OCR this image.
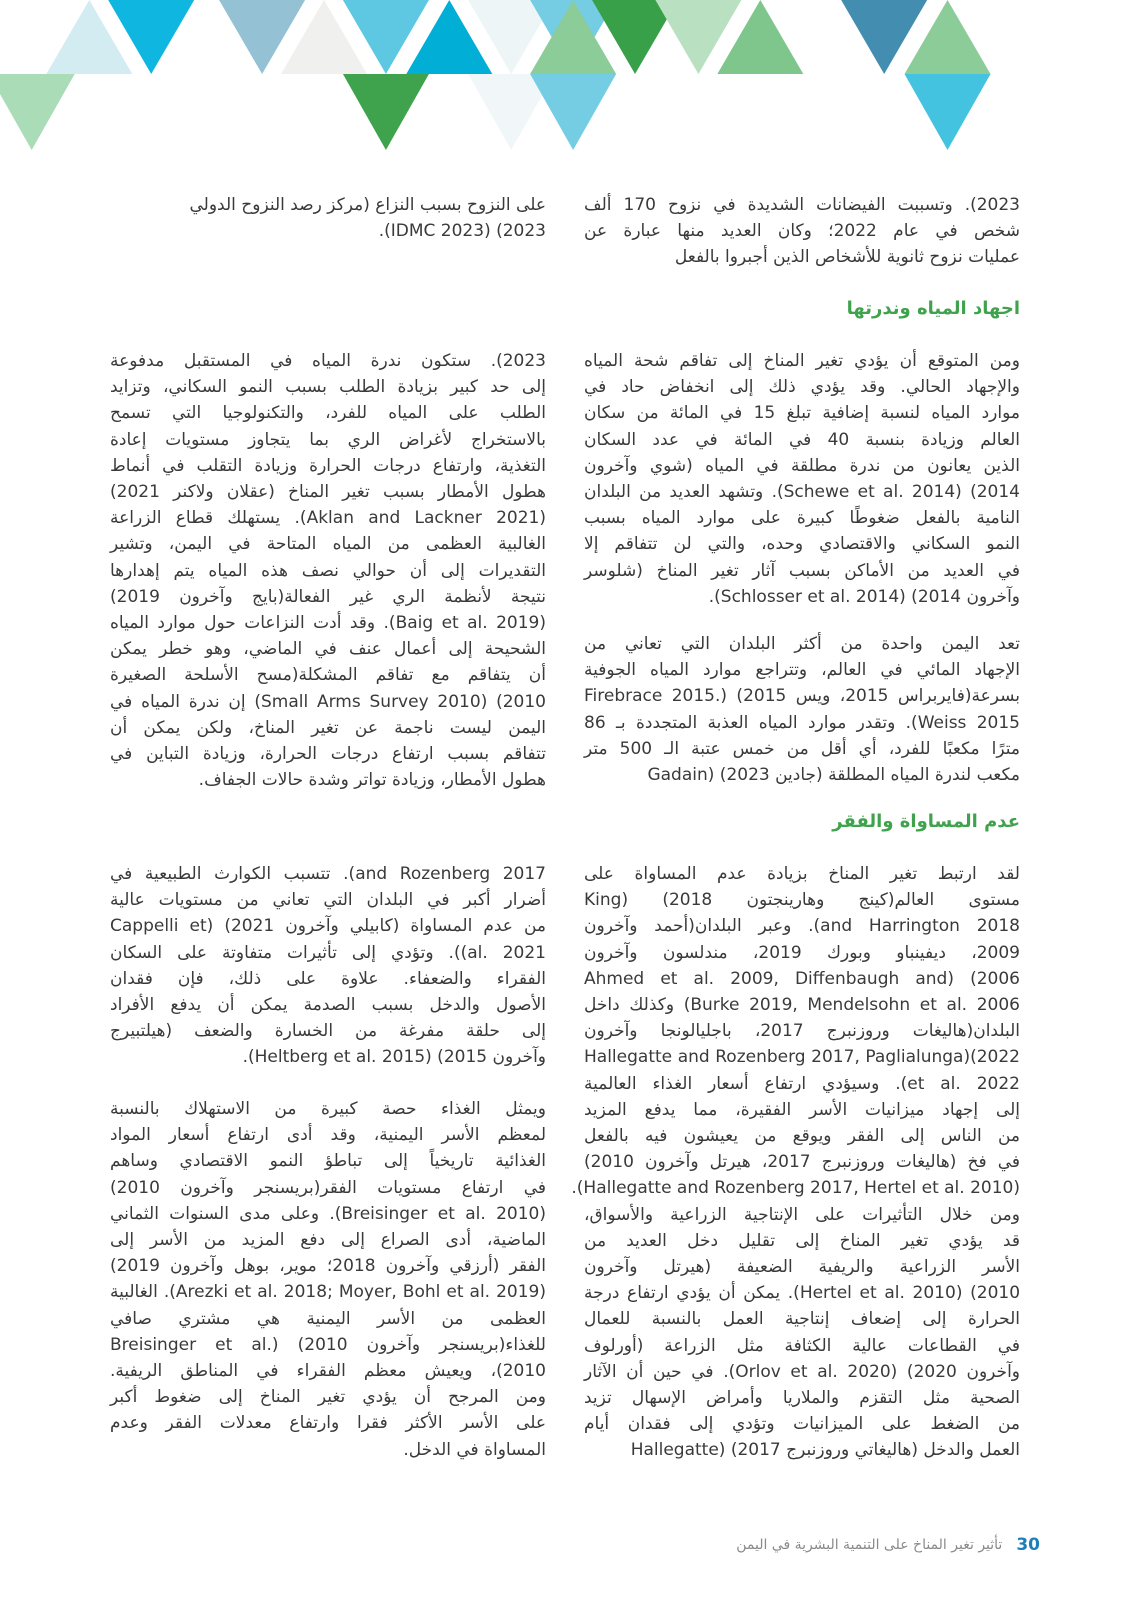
2023). وتسببت الفيضانات الشديدة في نزوح 170 ألف
شخص في عام 2022؛ وكان العديد منها عبارة عن
عمليات نزوح ثانوية للأشخاص الذين أجبروا بالفعل
على النزوح بسبب النزاع (مركز رصد النزوح الدولي
2023) (IDMC 2023).
اجهاد المياه وندرتها
ومن المتوقع أن يؤدي تغير المناخ إلى تفاقم شحة المياه
والإجهاد الحالي. وقد يؤدي ذلك إلى انخفاض حاد في
موارد المياه لنسبة إضافية تبلغ 15 في المائة من سكان
العالم وزيادة بنسبة 40 في المائة في عدد السكان
الذين يعانون من ندرة مطلقة في المياه (شوي وآخرون
2014) (Schewe et al. 2014). وتشهد العديد من البلدان
النامية بالفعل ضغوطًا كبيرة على موارد المياه بسبب
النمو السكاني والاقتصادي وحده، والتي لن تتفاقم إلا
في العديد من الأماكن بسبب آثار تغير المناخ (شلوسر
وآخرون 2014) (Schlosser et al. 2014).
تعد اليمن واحدة من أكثر البلدان التي تعاني من
الإجهاد المائي في العالم، وتتراجع موارد المياه الجوفية
بسرعة(فايربراس 2015، ويس 2015) (.Firebrace 2015
Weiss 2015). وتقدر موارد المياه العذبة المتجددة بـ 86
مترًا مكعبًا للفرد، أي أقل من خمس عتبة الـ 500 متر
مكعب لندرة المياه المطلقة (جادين 2023) (Gadain
2023). ستكون ندرة المياه في المستقبل مدفوعة
إلى حد كبير بزيادة الطلب بسبب النمو السكاني، وتزايد
الطلب على المياه للفرد، والتكنولوجيا التي تسمح
بالاستخراج لأغراض الري بما يتجاوز مستويات إعادة
التغذية، وارتفاع درجات الحرارة وزيادة التقلب في أنماط
هطول الأمطار بسبب تغير المناخ (عقلان ولاكنر 2021)
(Aklan and Lackner 2021). يستهلك قطاع الزراعة
الغالبية العظمى من المياه المتاحة في اليمن، وتشير
التقديرات إلى أن حوالي نصف هذه المياه يتم إهدارها
نتيجة لأنظمة الري غير الفعالة(بايج وآخرون 2019)
(Baig et al. 2019). وقد أدت النزاعات حول موارد المياه
الشحيحة إلى أعمال عنف في الماضي، وهو خطر يمكن
أن يتفاقم مع تفاقم المشكلة(مسح الأسلحة الصغيرة
2010) (Small Arms Survey 2010) إن ندرة المياه في
اليمن ليست ناجمة عن تغير المناخ، ولكن يمكن أن
تتفاقم بسبب ارتفاع درجات الحرارة، وزيادة التباين في
هطول الأمطار، وزيادة تواتر وشدة حالات الجفاف.
عدم المساواة والفقر
لقد ارتبط تغير المناخ بزيادة عدم المساواة على
مستوى العالم(كينج وهارينجتون 2018) (King
and Harrington 2018). وعبر البلدان(أحمد وآخرون
2009، ديفينباو وبورك 2019، مندلسون وآخرون
2006) (Ahmed et al. 2009, Diffenbaugh and
Burke 2019, Mendelsohn et al. 2006) وكذلك داخل
البلدان(هاليغات وروزنبرج 2017، باجليالونجا وآخرون
2022)(Hallegatte and Rozenberg 2017, Paglialunga
et al. 2022). وسيؤدي ارتفاع أسعار الغذاء العالمية
إلى إجهاد ميزانيات الأسر الفقيرة، مما يدفع المزيد
من الناس إلى الفقر ويوقع من يعيشون فيه بالفعل
في فخ (هاليغات وروزنبرج 2017، هيرتل وآخرون 2010)
(Hallegatte and Rozenberg 2017, Hertel et al. 2010).
ومن خلال التأثيرات على الإنتاجية الزراعية والأسواق،
قد يؤدي تغير المناخ إلى تقليل دخل العديد من
الأسر الزراعية والريفية الضعيفة (هيرتل وآخرون
2010) (Hertel et al. 2010). يمكن أن يؤدي ارتفاع درجة
الحرارة إلى إضعاف إنتاجية العمل بالنسبة للعمال
في القطاعات عالية الكثافة مثل الزراعة (أورلوف
وآخرون 2020) (Orlov et al. 2020). في حين أن الآثار
الصحية مثل التقزم والملاريا وأمراض الإسهال تزيد
من الضغط على الميزانيات وتؤدي إلى فقدان أيام
العمل والدخل (هاليغاتي وروزنبرج 2017) (Hallegatte
and Rozenberg 2017). تتسبب الكوارث الطبيعية في
أضرار أكبر في البلدان التي تعاني من مستويات عالية
من عدم المساواة (كابيلي وآخرون 2021) (Cappelli et
al. 2021)). وتؤدي إلى تأثيرات متفاوتة على السكان
الفقراء والضعفاء. علاوة على ذلك، فإن فقدان
الأصول والدخل بسبب الصدمة يمكن أن يدفع الأفراد
إلى حلقة مفرغة من الخسارة والضعف (هيلتبيرج
وآخرون 2015) (Heltberg et al. 2015).
ويمثل الغذاء حصة كبيرة من الاستهلاك بالنسبة
لمعظم الأسر اليمنية، وقد أدى ارتفاع أسعار المواد
الغذائية تاريخياً إلى تباطؤ النمو الاقتصادي وساهم
في ارتفاع مستويات الفقر(بريسنجر وآخرون 2010)
(Breisinger et al. 2010). وعلى مدى السنوات الثماني
الماضية، أدى الصراع إلى دفع المزيد من الأسر إلى
الفقر (أرزقي وآخرون 2018؛ موير، بوهل وآخرون 2019)
(Arezki et al. 2018; Moyer, Bohl et al. 2019). الغالبية
العظمى من الأسر اليمنية هي مشتري صافي
للغذاء(بريسنجر وآخرون 2010) (.Breisinger et al
2010)، ويعيش معظم الفقراء في المناطق الريفية.
ومن المرجح أن يؤدي تغير المناخ إلى ضغوط أكبر
على الأسر الأكثر فقرا وارتفاع معدلات الفقر وعدم
المساواة في الدخل.
30
تأثير تغير المناخ على التنمية البشرية في اليمن
